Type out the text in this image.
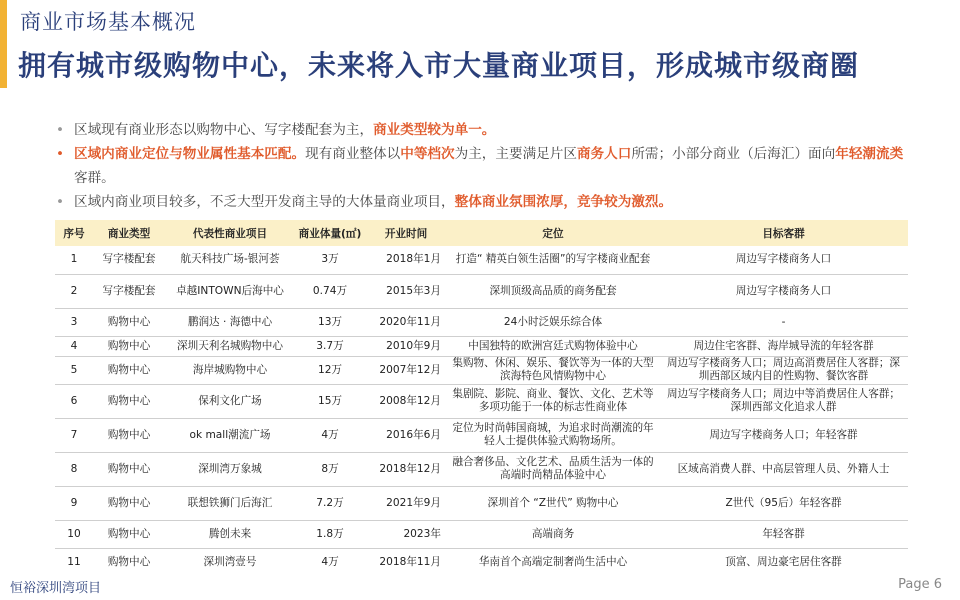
商业市场基本概况
拥有城市级购物中心，未来将入市大量商业项目，形成城市级商圈
• 区域现有商业形态以购物中心、写字楼配套为主，商业类型较为单一。
• 区域内商业定位与物业属性基本匹配。现有商业整体以中等档次为主，主要满足片区商务人口所需；小部分商业（后海汇）面向年轻潮流类客群。
• 区域内商业项目较多，不乏大型开发商主导的大体量商业项目，整体商业氛围浓厚，竞争较为激烈。
序号	商业类型	代表性商业项目	商业体量(㎡)	开业时间	定位	目标客群
1	写字楼配套	航天科技广场-银河荟	3万	2018年1月	打造“ 精英白领生活圈”的写字楼商业配套	周边写字楼商务人口
2	写字楼配套	卓越INTOWN后海中心	0.74万	2015年3月	深圳顶级高品质的商务配套	周边写字楼商务人口
3	购物中心	鹏润达 · 海德中心	13万	2020年11月	24小时泛娱乐综合体	-
4	购物中心	深圳天利名城购物中心	3.7万	2010年9月	中国独特的欧洲宫廷式购物体验中心	周边住宅客群、海岸城导流的年轻客群
5	购物中心	海岸城购物中心	12万	2007年12月	集购物、休闲、娱乐、餐饮等为一体的大型滨海特色风情购物中心	周边写字楼商务人口；周边高消费居住人客群；深圳西部区域内目的性购物、餐饮客群
6	购物中心	保利文化广场	15万	2008年12月	集剧院、影院、商业、餐饮、文化、艺术等多项功能于一体的标志性商业体	周边写字楼商务人口；周边中等消费居住人客群；深圳西部文化追求人群
7	购物中心	ok mall潮流广场	4万	2016年6月	定位为时尚韩国商城，为追求时尚潮流的年轻人士提供体验式购物场所。	周边写字楼商务人口；年轻客群
8	购物中心	深圳湾万象城	8万	2018年12月	融合奢侈品、文化艺术、品质生活为一体的高端时尚精品体验中心	区域高消费人群、中高层管理人员、外籍人士
9	购物中心	联想铁狮门后海汇	7.2万	2021年9月	深圳首个 “Z世代” 购物中心	Z世代（95后）年轻客群
10	购物中心	腾创未来	1.8万	2023年	高端商务	年轻客群
11	购物中心	深圳湾壹号	4万	2018年11月	华南首个高端定制奢尚生活中心	顶富、周边豪宅居住客群
恒裕深圳湾项目	Page 6
